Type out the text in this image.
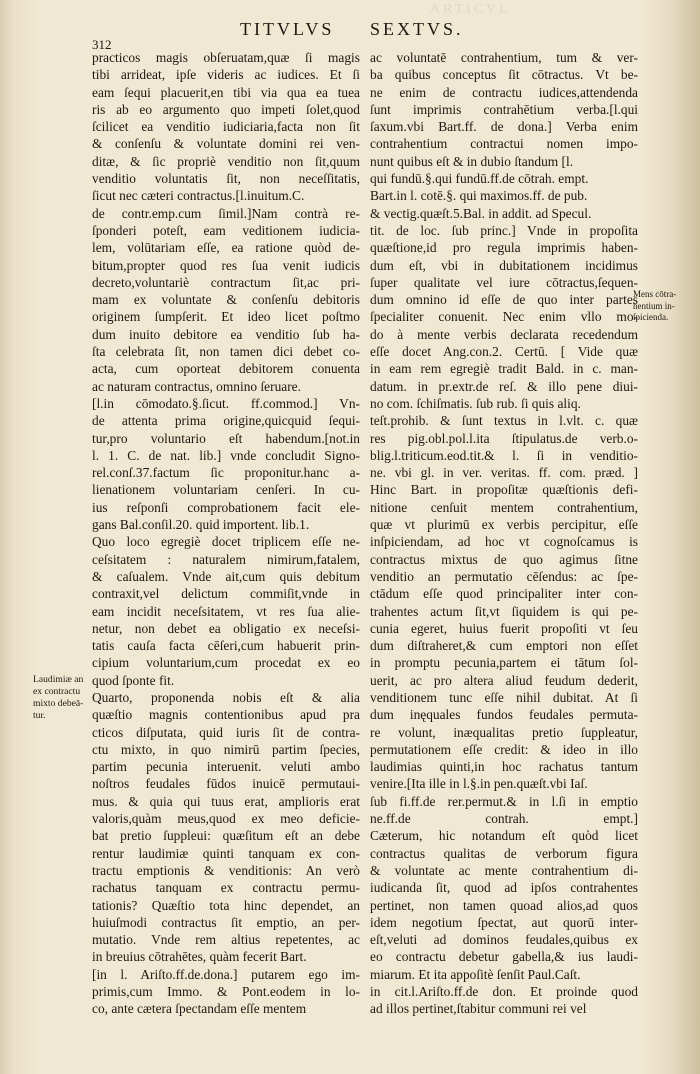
ARTICVL
312
TITVLVS SEXTVS.
Laudimiæ an
ex contractu
mixto debeā-
tur.
practicos magis obſeruatam,quæ ſi magis
tibi arrideat, ipſe videris ac iudices. Et ſi
eam ſequi placuerit,en tibi via qua ea tuea
ris ab eo argumento quo impeti ſolet,quod
ſcilicet ea venditio iudiciaria,facta non ſit
& conſenſu & voluntate domini rei ven-
ditæ, & ſic propriè venditio non ſit,quum
venditio voluntatis ſit, non neceſſitatis,
ſicut nec cæteri contractus.[l.inuitum.C.
de contr.emp.cum ſimil.]Nam contrà re-
ſponderi poteſt, eam veditionem iudicia-
lem, volūtariam eſſe, ea ratione quòd de-
bitum,propter quod res ſua venit iudicis
decreto,voluntariè contractum ſit,ac pri-
mam ex voluntate & conſenſu debitoris
originem ſumpſerit. Et ideo licet poſtmo
dum inuito debitore ea venditio ſub ha-
ſta celebrata ſit, non tamen dici debet co-
acta, cum oporteat debitorem conuenta
ac naturam contractus, omnino ſeruare.
[l.in cōmodato.§.ſicut. ff.commod.] Vn-
de attenta prima origine,quicquid ſequi-
tur,pro voluntario eſt habendum.[not.in
l. 1. C. de nat. lib.] vnde concludit Signo-
rel.conſ.37.factum ſic proponitur.hanc a-
lienationem voluntariam cenſeri. In cu-
ius reſponſi comprobationem facit ele-
gans Bal.conſil.20. quid importent. lib.1.
Quo loco egregiè docet triplicem eſſe ne-
ceſsitatem : naturalem nimirum,fatalem,
& caſualem. Vnde ait,cum quis debitum
contraxit,vel delictum commiſit,vnde in
eam incidit neceſsitatem, vt res ſua alie-
netur, non debet ea obligatio ex neceſsi-
tatis cauſa facta cēſeri,cum habuerit prin-
cipium voluntarium,cum procedat ex eo
quod ſponte fit.
Quarto, proponenda nobis eſt & alia
quæſtio magnis contentionibus apud pra
cticos diſputata, quid iuris ſit de contra-
ctu mixto, in quo nimirū partim ſpecies,
partim pecunia interuenit. veluti ambo
noſtros feudales fūdos inuicē permutaui-
mus. & quia qui tuus erat, amplioris erat
valoris,quàm meus,quod ex meo deficie-
bat pretio ſuppleui: quæſitum eſt an debe
rentur laudimiæ quinti tanquam ex con-
tractu emptionis & venditionis: An verò
rachatus tanquam ex contractu permu-
tationis? Quæſtio tota hinc dependet, an
huiuſmodi contractus ſit emptio, an per-
mutatio. Vnde rem altius repetentes, ac
in breuius cōtrahētes, quàm fecerit Bart.
[in l. Ariſto.ff.de.dona.] putarem ego im-
primis,cum Immo. & Pont.eodem in lo-
co, ante cætera ſpectandam eſſe mentem
ac voluntatē contrahentium, tum & ver-
ba quibus conceptus ſit cōtractus. Vt be-
ne enim de contractu iudices,attendenda
ſunt imprimis contrahētium verba.[l.qui
ſaxum.vbi Bart.ff. de dona.] Verba enim
contrahentium contractui nomen impo-
nunt quibus eſt & in dubio ſtandum [l.
qui fundū.§.qui fundū.ff.de cōtrah. empt.
Bart.in l. cotē.§. qui maximos.ff. de pub.
& vectig.quæſt.5.Bal. in addit. ad Specul.
tit. de loc. ſub princ.] Vnde in propoſita
quæſtione,id pro regula imprimis haben-
dum eſt, vbi in dubitationem incidimus
ſuper qualitate vel iure cōtractus,ſequen-
dum omnino id eſſe de quo inter partes
ſpecialiter conuenit. Nec enim vllo mo-
do à mente verbis declarata recedendum
eſſe docet Ang.con.2. Certū. [ Vide quæ
in eam rem egregiè tradit Bald. in c. man-
datum. in pr.extr.de reſ. & illo pene diui-
no com. ſchiſmatis. ſub rub. ſi quis aliq.
teſt.prohib. & ſunt textus in l.vlt. c. quæ
res pig.obl.pol.l.ita ſtipulatus.de verb.o-
blig.l.triticum.eod.tit.& l. ſi in venditio-
ne. vbi gl. in ver. veritas. ff. com. præd. ]
Hinc Bart. in propoſitæ quæſtionis defi-
nitione cenſuit mentem contrahentium,
quæ vt plurimū ex verbis percipitur, eſſe
inſpiciendam, ad hoc vt cognoſcamus is
contractus mixtus de quo agimus ſitne
venditio an permutatio cēſendus: ac ſpe-
ctādum eſſe quod principaliter inter con-
trahentes actum ſit,vt ſiquidem is qui pe-
cunia egeret, huius fuerit propoſiti vt ſeu
dum diſtraheret,& cum emptori non eſſet
in promptu pecunia,partem ei tātum ſol-
uerit, ac pro altera aliud feudum dederit,
venditionem tunc eſſe nihil dubitat. At ſi
dum inęquales fundos feudales permuta-
re volunt, inæqualitas pretio ſuppleatur,
permutationem eſſe credit: & ideo in illo
laudimias quinti,in hoc rachatus tantum
venire.[Ita ille in l.§.in pen.quæſt.vbi Iaſ.
ſub fi.ff.de rer.permut.& in l.ſi in emptio
ne.ff.de contrah. empt.]
Cæterum, hic notandum eſt quòd licet
contractus qualitas de verborum figura
& voluntate ac mente contrahentium di-
iudicanda ſit, quod ad ipſos contrahentes
pertinet, non tamen quoad alios,ad quos
idem negotium ſpectat, aut quorū inter-
eſt,veluti ad dominos feudales,quibus ex
eo contractu debetur gabella,& ius laudi-
miarum. Et ita appoſitè ſenſit Paul.Caſt.
in cit.l.Ariſto.ff.de don. Et proinde quod
ad illos pertinet,ſtabitur communi rei vel
Mens cōtra-
hentium in-
ſpicienda.
